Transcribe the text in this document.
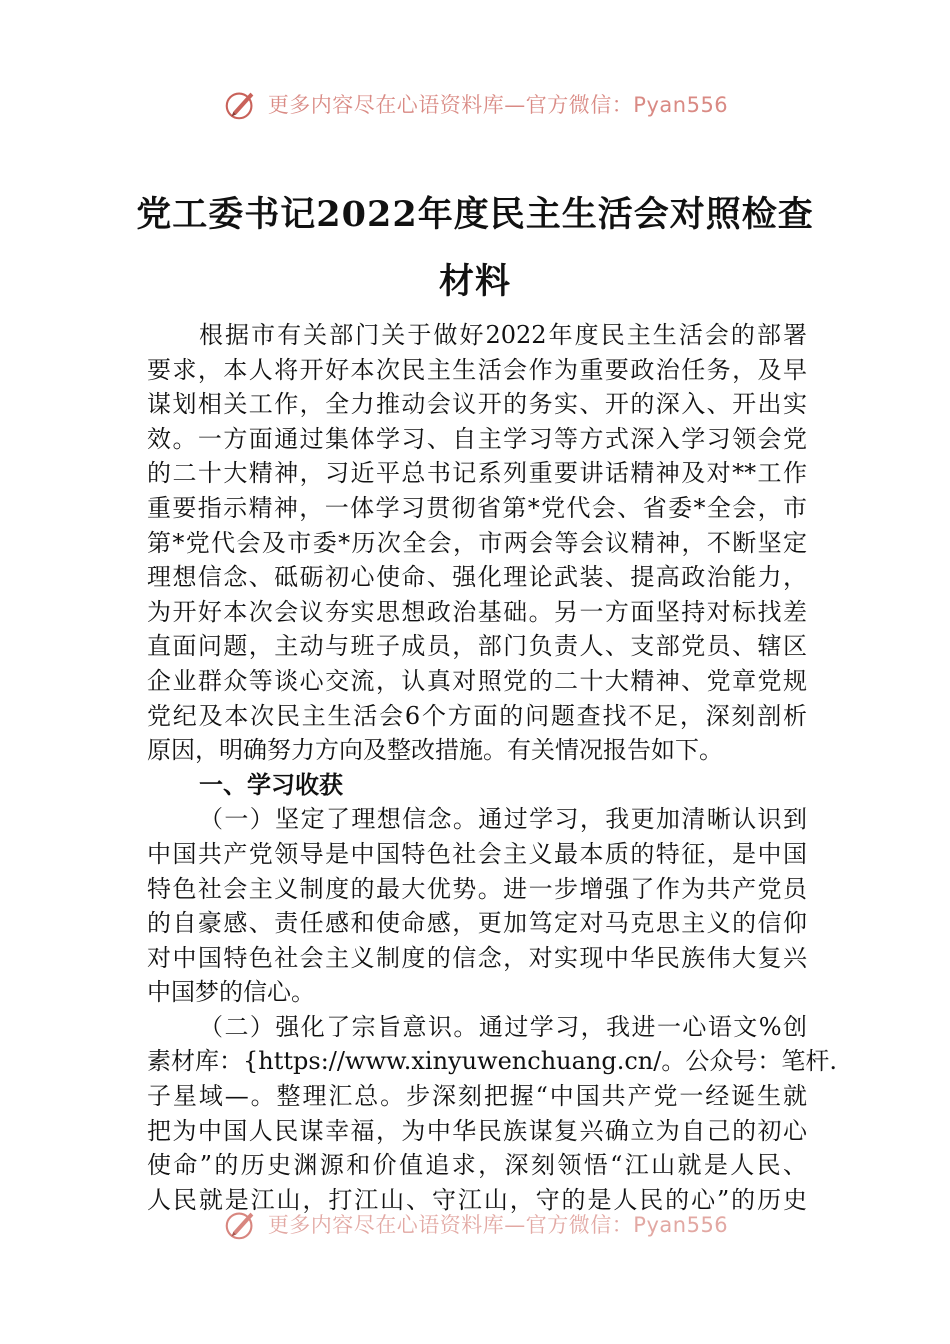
更多内容尽在心语资料库—官方微信：Pyan556
党工委书记2022年度民主生活会对照检查
材料
根据市有关部门关于做好2022年度民主生活会的部署
要求，本人将开好本次民主生活会作为重要政治任务，及早
谋划相关工作，全力推动会议开的务实、开的深入、开出实
效。一方面通过集体学习、自主学习等方式深入学习领会党
的二十大精神，习近平总书记系列重要讲话精神及对**工作
重要指示精神，一体学习贯彻省第*党代会、省委*全会，市
第*党代会及市委*历次全会，市两会等会议精神，不断坚定
理想信念、砥砺初心使命、强化理论武装、提高政治能力，
为开好本次会议夯实思想政治基础。另一方面坚持对标找差
直面问题，主动与班子成员，部门负责人、支部党员、辖区
企业群众等谈心交流，认真对照党的二十大精神、党章党规
党纪及本次民主生活会6个方面的问题查找不足，深刻剖析
原因，明确努力方向及整改措施。有关情况报告如下。
一、学习收获
（一）坚定了理想信念。通过学习，我更加清晰认识到
中国共产党领导是中国特色社会主义最本质的特征，是中国
特色社会主义制度的最大优势。进一步增强了作为共产党员
的自豪感、责任感和使命感，更加笃定对马克思主义的信仰
对中国特色社会主义制度的信念，对实现中华民族伟大复兴
中国梦的信心。
（二）强化了宗旨意识。通过学习，我进一心语文%创
素材库：{https://www.xinyuwenchuang.cn/。公众号：笔杆.
子星域—。整理汇总。步深刻把握“中国共产党一经诞生就
把为中国人民谋幸福，为中华民族谋复兴确立为自己的初心
使命”的历史渊源和价值追求，深刻领悟“江山就是人民、
人民就是江山，打江山、守江山，守的是人民的心”的历史
更多内容尽在心语资料库—官方微信：Pyan556
